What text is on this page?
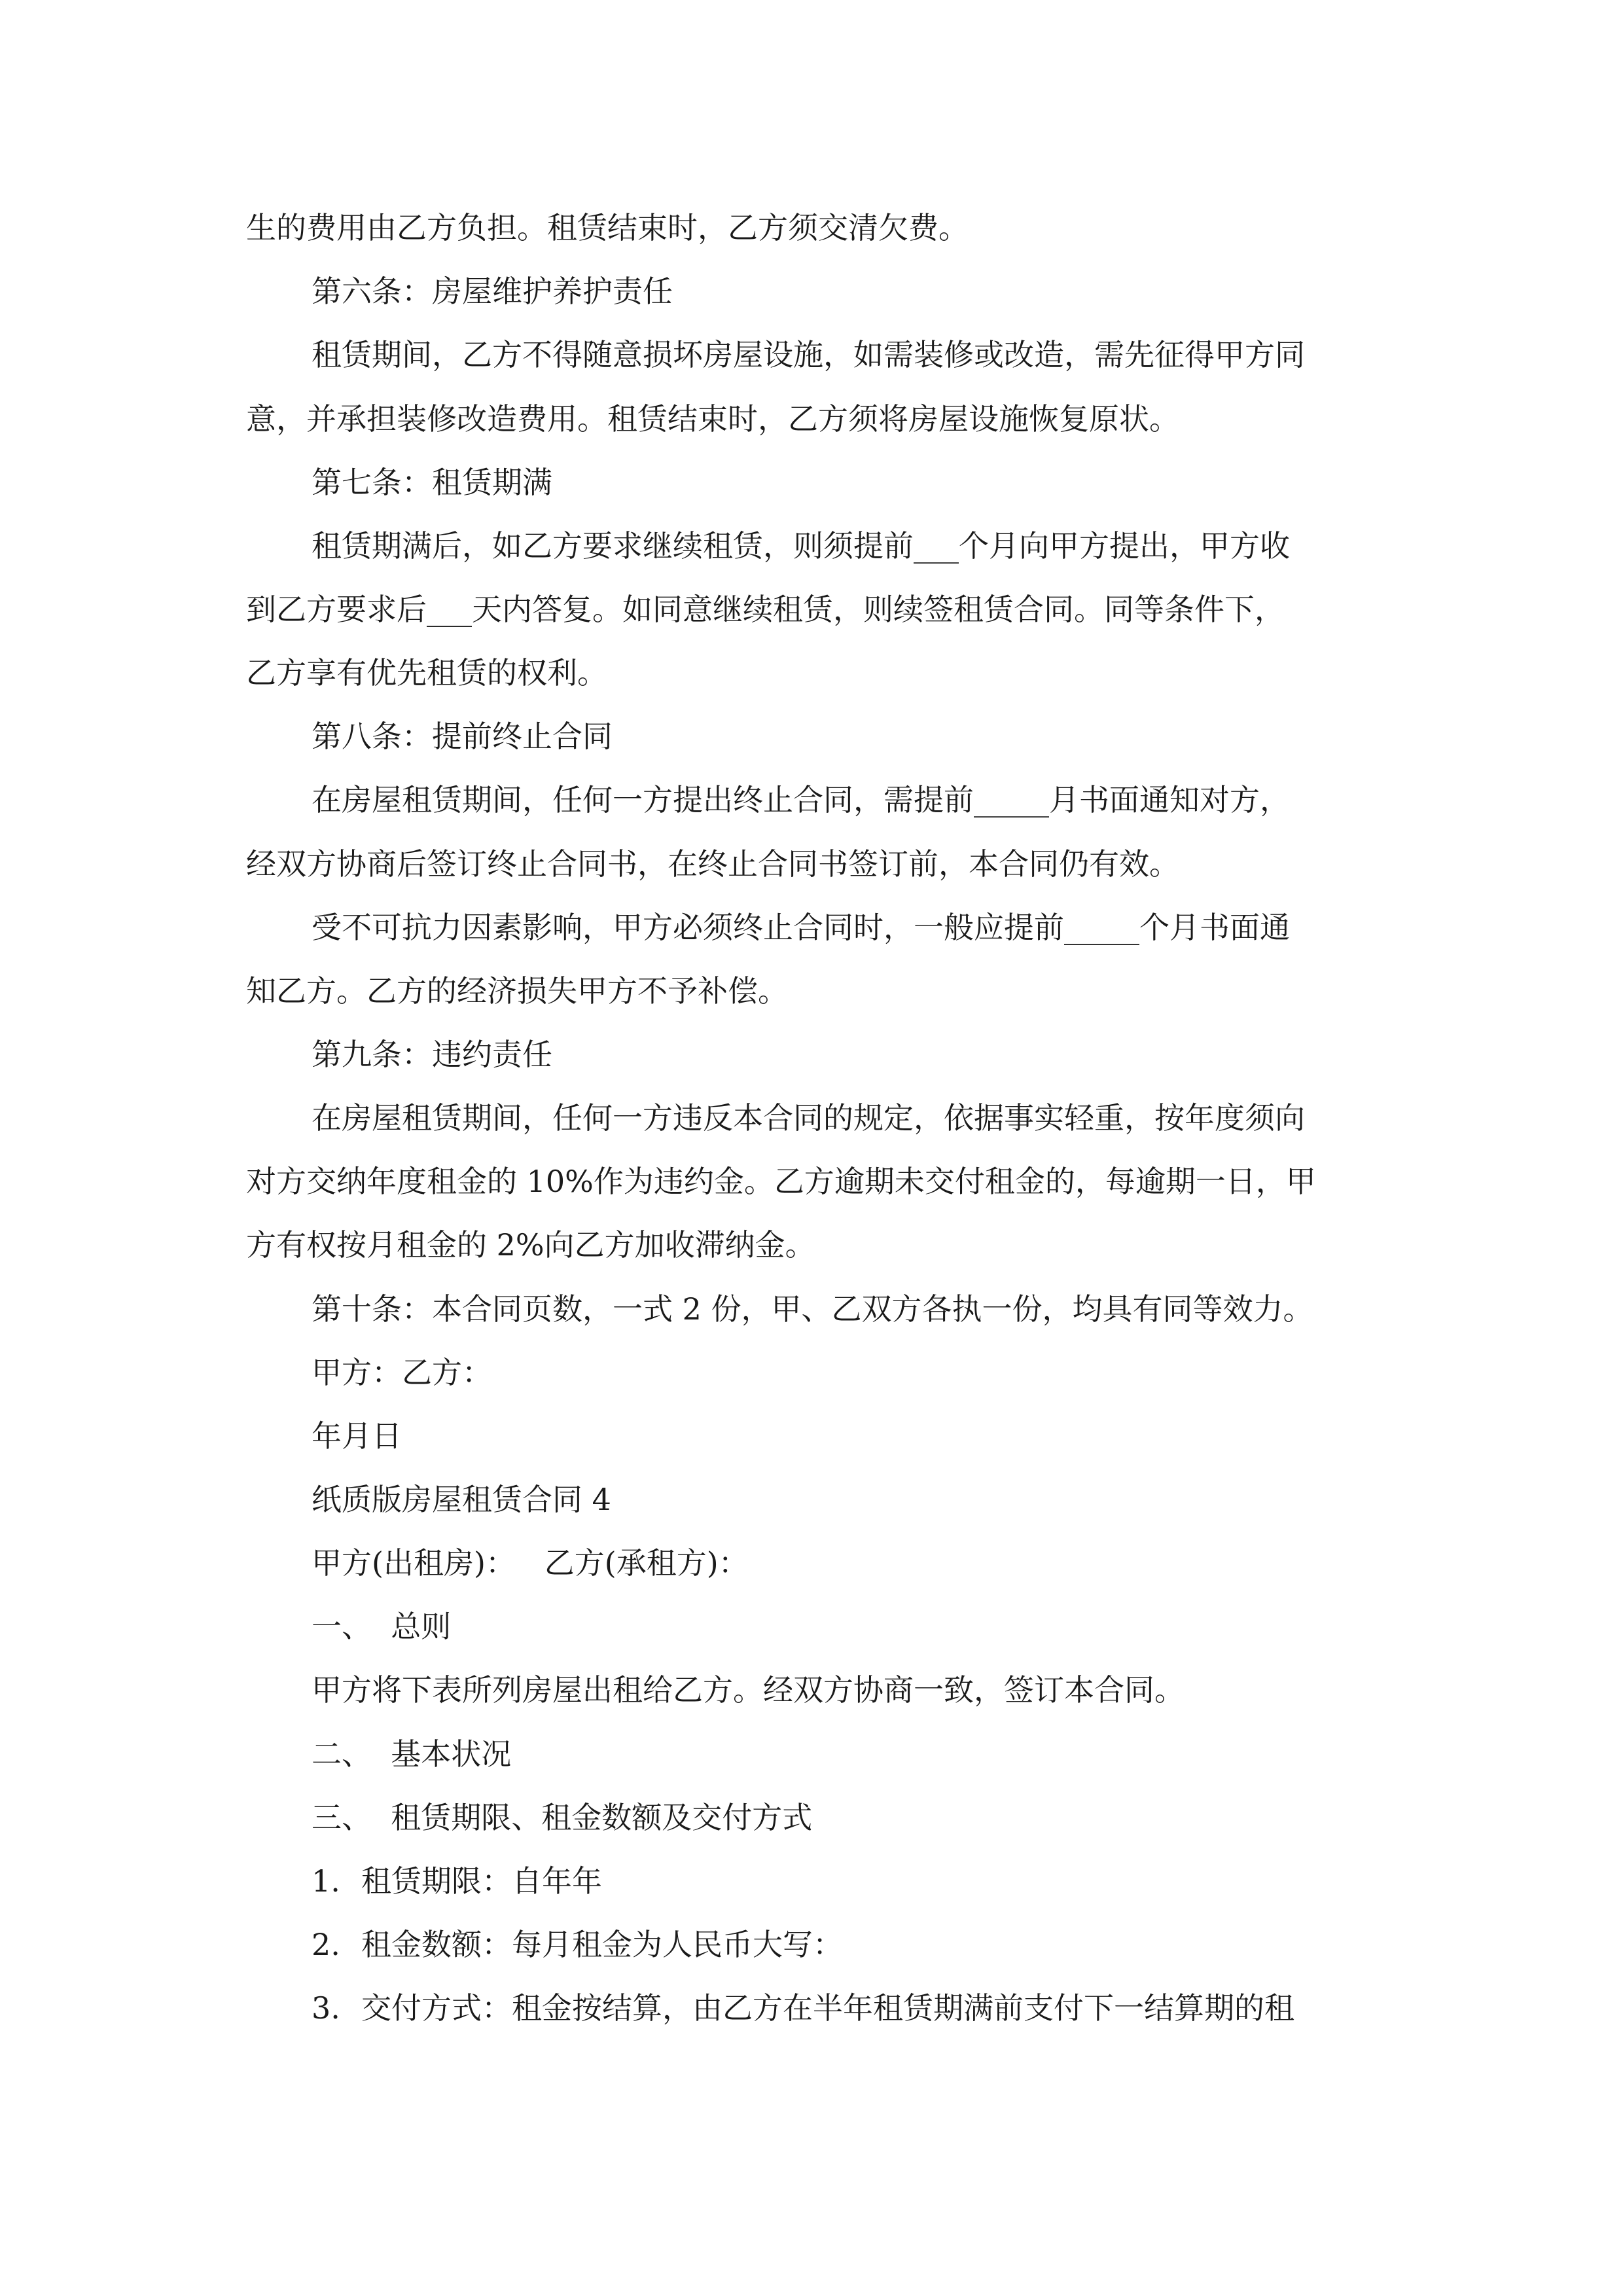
生的费用由乙方负担。租赁结束时，乙方须交清欠费。
第六条：房屋维护养护责任
租赁期间，乙方不得随意损坏房屋设施，如需装修或改造，需先征得甲方同
意，并承担装修改造费用。租赁结束时，乙方须将房屋设施恢复原状。
第七条：租赁期满
租赁期满后，如乙方要求继续租赁，则须提前___个月向甲方提出，甲方收
到乙方要求后___天内答复。如同意继续租赁，则续签租赁合同。同等条件下，
乙方享有优先租赁的权利。
第八条：提前终止合同
在房屋租赁期间，任何一方提出终止合同，需提前_____月书面通知对方，
经双方协商后签订终止合同书，在终止合同书签订前，本合同仍有效。
受不可抗力因素影响，甲方必须终止合同时，一般应提前_____个月书面通
知乙方。乙方的经济损失甲方不予补偿。
第九条：违约责任
在房屋租赁期间，任何一方违反本合同的规定，依据事实轻重，按年度须向
对方交纳年度租金的 10%作为违约金。乙方逾期未交付租金的，每逾期一日，甲
方有权按月租金的 2%向乙方加收滞纳金。
第十条：本合同页数，一式 2 份，甲、乙双方各执一份，均具有同等效力。
甲方：乙方：
年月日
纸质版房屋租赁合同 4
甲方(出租房)：   乙方(承租方)：
一、  总则
甲方将下表所列房屋出租给乙方。经双方协商一致，签订本合同。
二、  基本状况
三、  租赁期限、租金数额及交付方式
1. 租赁期限：自年年
2. 租金数额：每月租金为人民币大写：
3. 交付方式：租金按结算，由乙方在半年租赁期满前支付下一结算期的租
